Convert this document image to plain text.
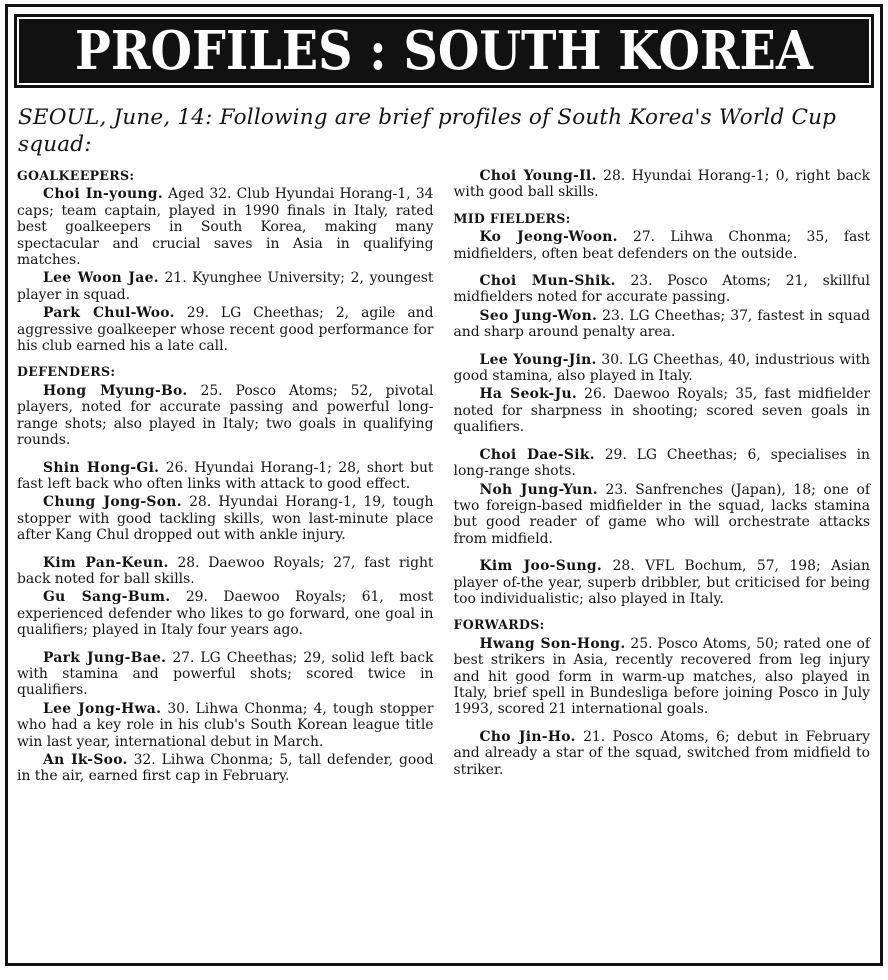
PROFILES : SOUTH KOREA
SEOUL, June, 14: Following are brief profiles of South Korea's World Cup squad:
GOALKEEPERS:

Choi In-young. Aged 32. Club Hyundai Horang-1, 34 caps; team captain, played in 1990 finals in Italy, rated best goalkeepers in South Korea, making many spectacular and crucial saves in Asia in qualifying matches.

Lee Woon Jae. 21. Kyunghee University; 2, youngest player in squad.

Park Chul-Woo. 29. LG Cheethas; 2, agile and aggressive goalkeeper whose recent good performance for his club earned his a late call.

DEFENDERS:

Hong Myung-Bo. 25. Posco Atoms; 52, pivotal players, noted for accurate passing and powerful long-range shots; also played in Italy; two goals in qualifying rounds.

Shin Hong-Gi. 26. Hyundai Horang-1; 28, short but fast left back who often links with attack to good effect.

Chung Jong-Son. 28. Hyundai Horang-1, 19, tough stopper with good tackling skills, won last-minute place after Kang Chul dropped out with ankle injury.

Kim Pan-Keun. 28. Daewoo Royals; 27, fast right back noted for ball skills.

Gu Sang-Bum. 29. Daewoo Royals; 61, most experienced defender who likes to go forward, one goal in qualifiers; played in Italy four years ago.

Park Jung-Bae. 27. LG Cheethas; 29, solid left back with stamina and powerful shots; scored twice in qualifiers.

Lee Jong-Hwa. 30. Lihwa Chonma; 4, tough stopper who had a key role in his club's South Korean league title win last year, international debut in March.

An Ik-Soo. 32. Lihwa Chonma; 5, tall defender, good in the air, earned first cap in February.

Choi Young-Il. 28. Hyundai Horang-1; 0, right back with good ball skills.

MID FIELDERS:

Ko Jeong-Woon. 27. Lihwa Chonma; 35, fast midfielders, often beat defenders on the outside.

Choi Mun-Shik. 23. Posco Atoms; 21, skillful midfielders noted for accurate passing.

Seo Jung-Won. 23. LG Cheethas; 37, fastest in squad and sharp around penalty area.

Lee Young-Jin. 30. LG Cheethas, 40, industrious with good stamina, also played in Italy.

Ha Seok-Ju. 26. Daewoo Royals; 35, fast midfielder noted for sharpness in shooting; scored seven goals in qualifiers.

Choi Dae-Sik. 29. LG Cheethas; 6, specialises in long-range shots.

Noh Jung-Yun. 23. Sanfrenches (Japan), 18; one of two foreign-based midfielder in the squad, lacks stamina but good reader of game who will orchestrate attacks from midfield.

Kim Joo-Sung. 28. VFL Bochum, 57, 198; Asian player of-the year, superb dribbler, but criticised for being too individualistic; also played in Italy.

FORWARDS:

Hwang Son-Hong. 25. Posco Atoms, 50; rated one of best strikers in Asia, recently recovered from leg injury and hit good form in warm-up matches, also played in Italy, brief spell in Bundesliga before joining Posco in July 1993, scored 21 international goals.

Cho Jin-Ho. 21. Posco Atoms, 6; debut in February and already a star of the squad, switched from midfield to striker.
